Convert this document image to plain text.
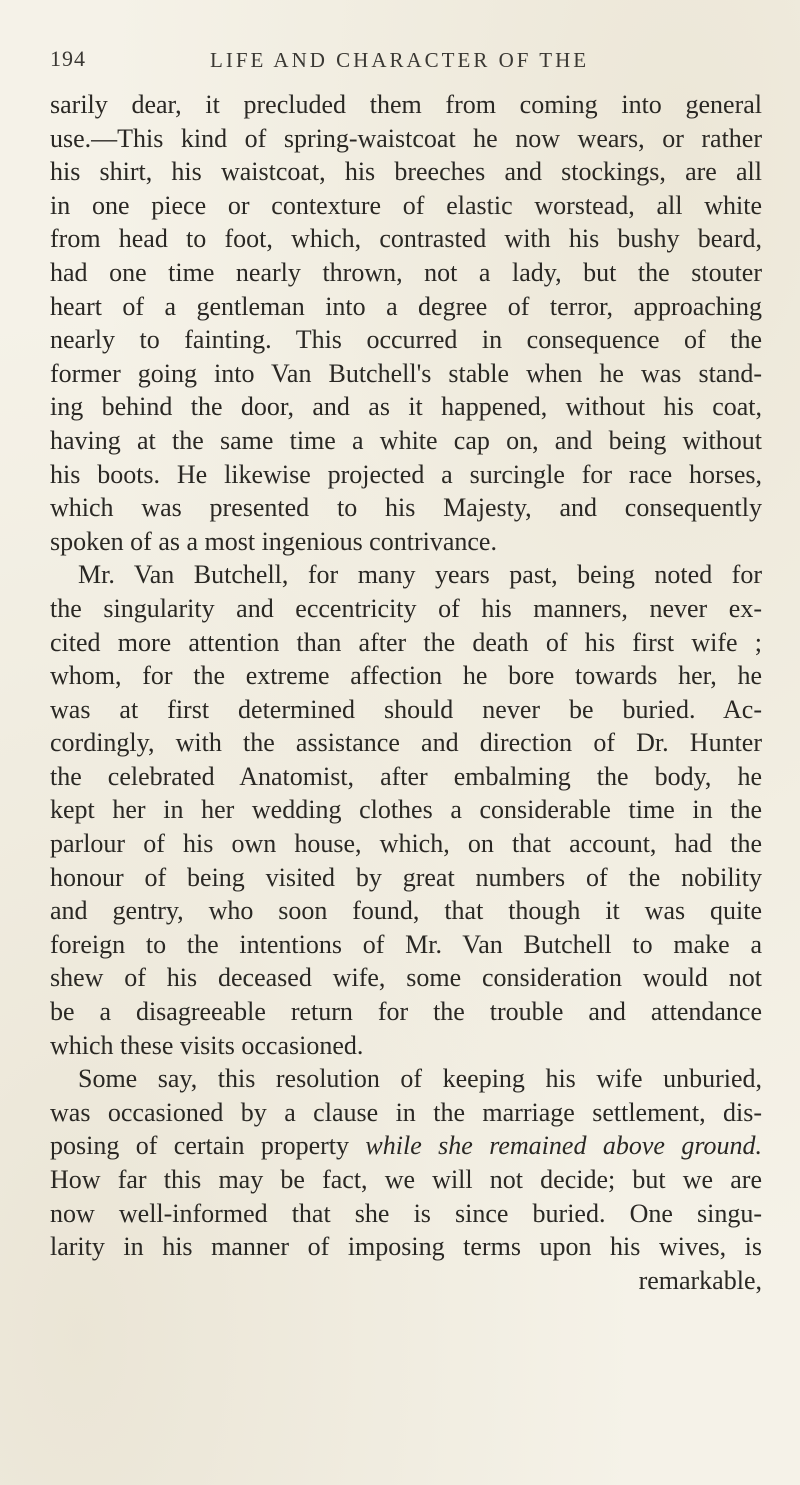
194	LIFE AND CHARACTER OF THE
sarily dear, it precluded them from coming into general
use.—This kind of spring-waistcoat he now wears, or rather
his shirt, his waistcoat, his breeches and stockings, are all
in one piece or contexture of elastic worstead, all white
from head to foot, which, contrasted with his bushy beard,
had one time nearly thrown, not a lady, but the stouter
heart of a gentleman into a degree of terror, approaching
nearly to fainting. This occurred in consequence of the
former going into Van Butchell's stable when he was stand-
ing behind the door, and as it happened, without his coat,
having at the same time a white cap on, and being without
his boots. He likewise projected a surcingle for race horses,
which was presented to his Majesty, and consequently
spoken of as a most ingenious contrivance.
Mr. Van Butchell, for many years past, being noted for
the singularity and eccentricity of his manners, never ex-
cited more attention than after the death of his first wife ;
whom, for the extreme affection he bore towards her, he
was at first determined should never be buried. Ac-
cordingly, with the assistance and direction of Dr. Hunter
the celebrated Anatomist, after embalming the body, he
kept her in her wedding clothes a considerable time in the
parlour of his own house, which, on that account, had the
honour of being visited by great numbers of the nobility
and gentry, who soon found, that though it was quite
foreign to the intentions of Mr. Van Butchell to make a
shew of his deceased wife, some consideration would not
be a disagreeable return for the trouble and attendance
which these visits occasioned.
Some say, this resolution of keeping his wife unburied,
was occasioned by a clause in the marriage settlement, dis-
posing of certain property while she remained above ground.
How far this may be fact, we will not decide; but we are
now well-informed that she is since buried. One singu-
larity in his manner of imposing terms upon his wives, is
remarkable,
